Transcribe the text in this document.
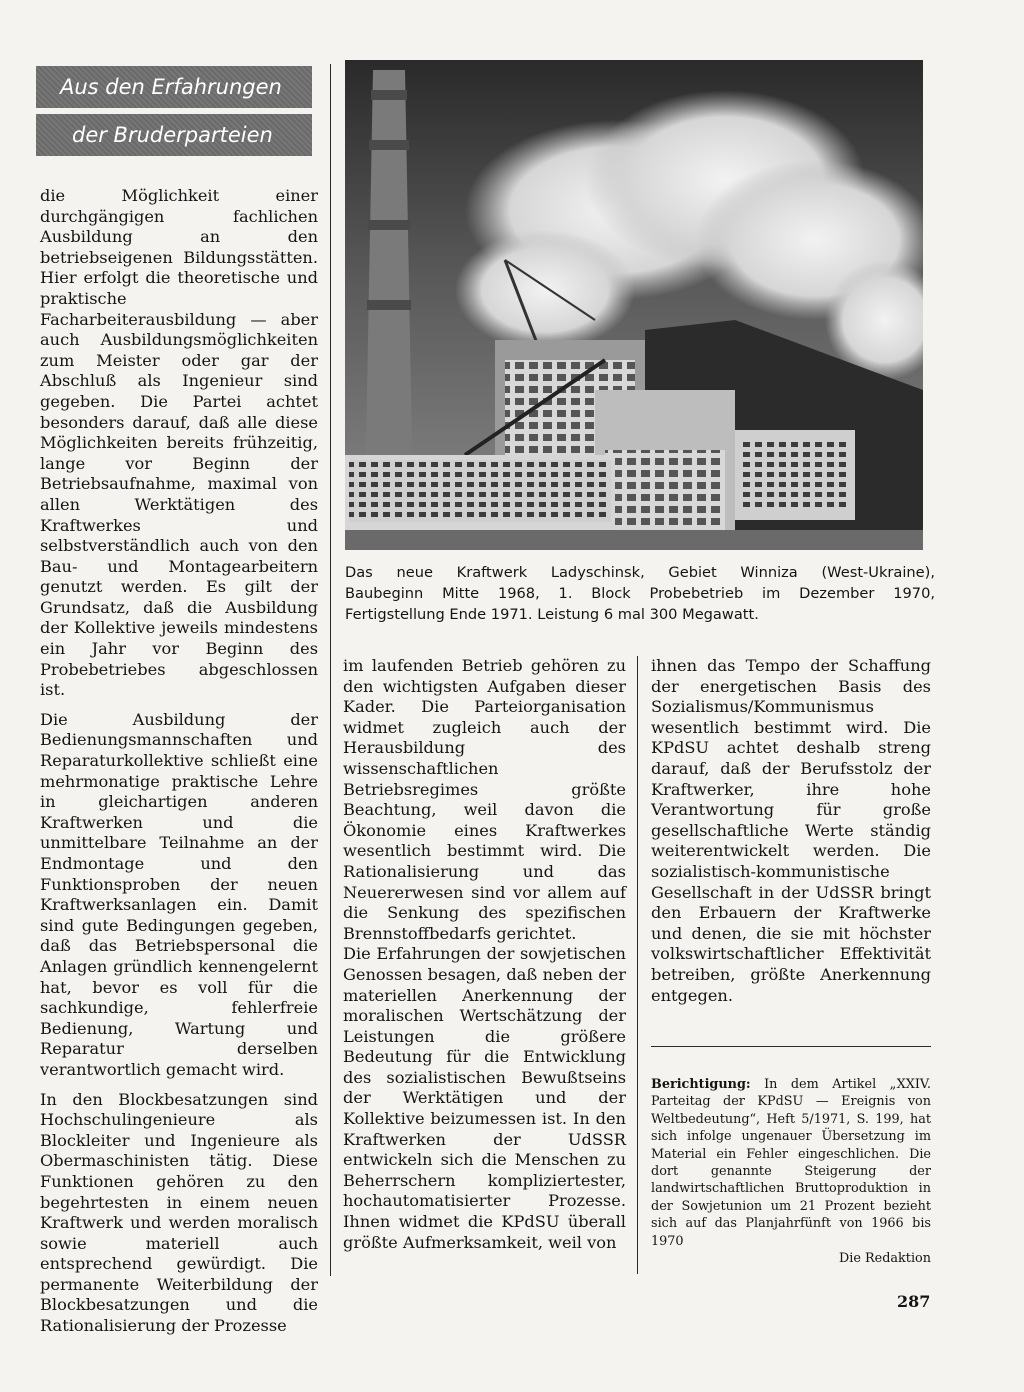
Aus den Erfahrungen
der Bruderparteien

die Möglichkeit einer durchgängigen fachlichen Ausbildung an den betriebseigenen Bildungsstätten. Hier erfolgt die theoretische und praktische Facharbeiterausbildung — aber auch Ausbildungsmöglichkeiten zum Meister oder gar der Abschluß als Ingenieur sind gegeben. Die Partei achtet besonders darauf, daß alle diese Möglichkeiten bereits frühzeitig, lange vor Beginn der Betriebsaufnahme, maximal von allen Werktätigen des Kraftwerkes und selbstverständlich auch von den Bau- und Montagearbeitern genutzt werden. Es gilt der Grundsatz, daß die Ausbildung der Kollektive jeweils mindestens ein Jahr vor Beginn des Probebetriebes abgeschlossen ist.

Die Ausbildung der Bedienungsmannschaften und Reparaturkollektive schließt eine mehrmonatige praktische Lehre in gleichartigen anderen Kraftwerken und die unmittelbare Teilnahme an der Endmontage und den Funktionsproben der neuen Kraftwerksanlagen ein. Damit sind gute Bedingungen gegeben, daß das Betriebspersonal die Anlagen gründlich kennengelernt hat, bevor es voll für die sachkundige, fehlerfreie Bedienung, Wartung und Reparatur derselben verantwortlich gemacht wird.

In den Blockbesatzungen sind Hochschulingenieure als Blockleiter und Ingenieure als Obermaschinisten tätig. Diese Funktionen gehören zu den begehrtesten in einem neuen Kraftwerk und werden moralisch sowie materiell auch entsprechend gewürdigt. Die permanente Weiterbildung der Blockbesatzungen und die Rationalisierung der Prozesse

Das neue Kraftwerk Ladyschinsk, Gebiet Winniza (West-Ukraine),
Baubeginn Mitte 1968, 1. Block Probebetrieb im Dezember 1970,
Fertigstellung Ende 1971. Leistung 6 mal 300 Megawatt.

im laufenden Betrieb gehören zu den wichtigsten Aufgaben dieser Kader. Die Parteiorganisation widmet zugleich auch der Herausbildung des wissenschaftlichen Betriebsregimes größte Beachtung, weil davon die Ökonomie eines Kraftwerkes wesentlich bestimmt wird. Die Rationalisierung und das Neuererwesen sind vor allem auf die Senkung des spezifischen Brennstoffbedarfs gerichtet.

Die Erfahrungen der sowjetischen Genossen besagen, daß neben der materiellen Anerkennung der moralischen Wertschätzung der Leistungen die größere Bedeutung für die Entwicklung des sozialistischen Bewußtseins der Werktätigen und der Kollektive beizumessen ist. In den Kraftwerken der UdSSR entwickeln sich die Menschen zu Beherrschern kompliziertester, hochautomatisierter Prozesse. Ihnen widmet die KPdSU überall größte Aufmerksamkeit, weil von

ihnen das Tempo der Schaffung der energetischen Basis des Sozialismus/Kommunismus wesentlich bestimmt wird. Die KPdSU achtet deshalb streng darauf, daß der Berufsstolz der Kraftwerker, ihre hohe Verantwortung für große gesellschaftliche Werte ständig weiterentwickelt werden. Die sozialistisch-kommunistische Gesellschaft in der UdSSR bringt den Erbauern der Kraftwerke und denen, die sie mit höchster volkswirtschaftlicher Effektivität betreiben, größte Anerkennung entgegen.

Berichtigung: In dem Artikel „XXIV. Parteitag der KPdSU — Ereignis von Weltbedeutung“, Heft 5/1971, S. 199, hat sich infolge ungenauer Übersetzung im Material ein Fehler eingeschlichen. Die dort genannte Steigerung der landwirtschaftlichen Bruttoproduktion in der Sowjetunion um 21 Prozent bezieht sich auf das Planjahrfünft von 1966 bis 1970
Die Redaktion
287
